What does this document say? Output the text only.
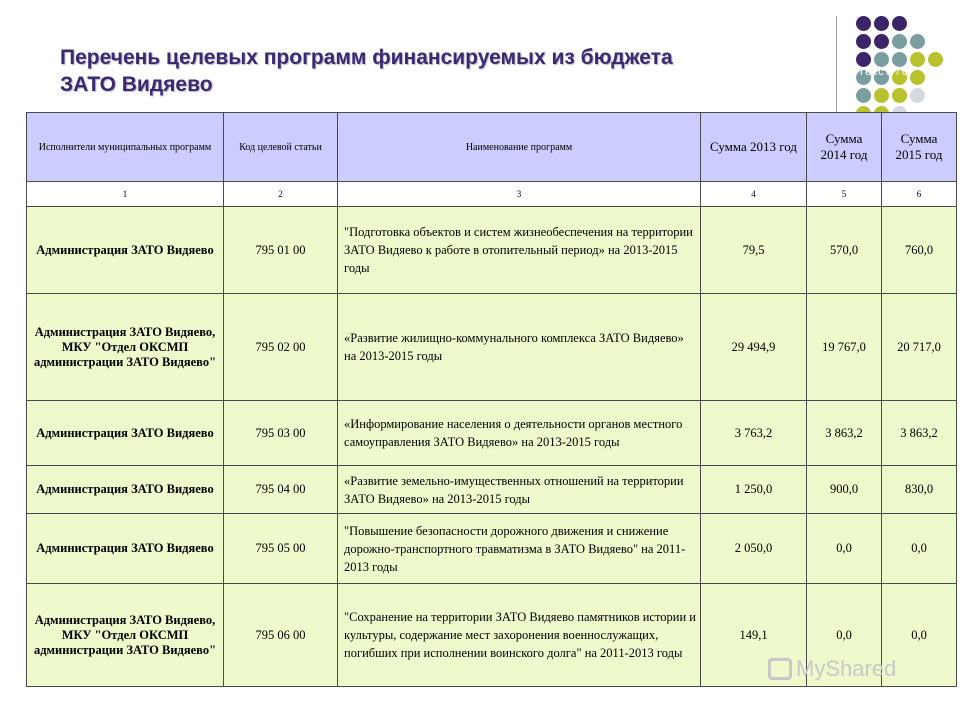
Перечень целевых программ финансируемых из бюджета
ЗАТО Видяево
Текст 70
Исполнители муниципальных программ	Код целевой статьи	Наименование программ	Сумма 2013 год	Сумма 2014 год	Сумма 2015 год
1	2	3	4	5	6
Администрация ЗАТО Видяево	795 01 00	"Подготовка объектов и систем жизнеобеспечения на территории ЗАТО Видяево к работе в отопительный период» на 2013-2015 годы	79,5	570,0	760,0
Администрация ЗАТО Видяево, МКУ "Отдел ОКСМП администрации ЗАТО Видяево"	795 02 00	«Развитие жилищно-коммунального комплекса ЗАТО Видяево» на 2013-2015 годы	29 494,9	19 767,0	20 717,0
Администрация ЗАТО Видяево	795 03 00	«Информирование населения о деятельности органов местного самоуправления ЗАТО Видяево» на 2013-2015 годы	3 763,2	3 863,2	3 863,2
Администрация ЗАТО Видяево	795 04 00	«Развитие земельно-имущественных отношений на территории ЗАТО Видяево» на 2013-2015 годы	1 250,0	900,0	830,0
Администрация ЗАТО Видяево	795 05 00	"Повышение безопасности дорожного движения и снижение дорожно-транспортного травматизма в ЗАТО Видяево" на 2011-2013 годы	2 050,0	0,0	0,0
Администрация ЗАТО Видяево, МКУ "Отдел ОКСМП администрации ЗАТО Видяево"	795 06 00	"Сохранение на территории ЗАТО Видяево памятников истории и культуры, содержание мест захоронения военнослужащих, погибших при исполнении воинского долга" на 2011-2013 годы	149,1	0,0	0,0
MyShared
